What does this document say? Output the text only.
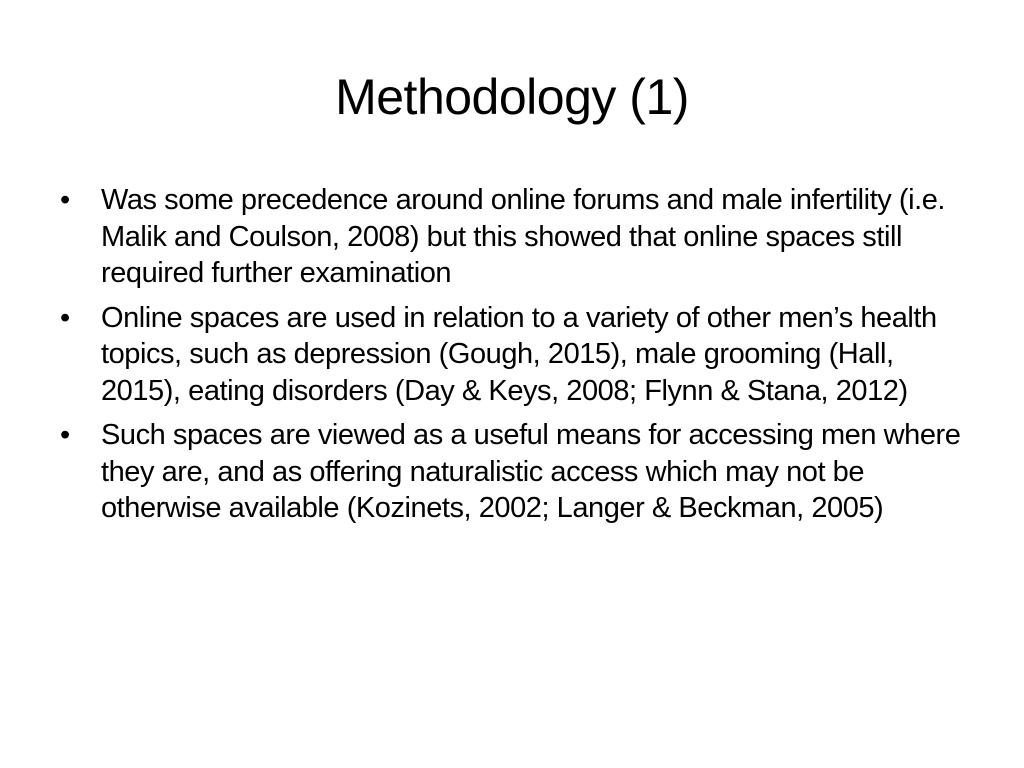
Methodology (1)
• Was some precedence around online forums and male infertility (i.e. Malik and Coulson, 2008) but this showed that online spaces still required further examination
• Online spaces are used in relation to a variety of other men’s health topics, such as depression (Gough, 2015), male grooming (Hall, 2015), eating disorders (Day & Keys, 2008; Flynn & Stana, 2012)
• Such spaces are viewed as a useful means for accessing men where they are, and as offering naturalistic access which may not be otherwise available (Kozinets, 2002; Langer & Beckman, 2005)
